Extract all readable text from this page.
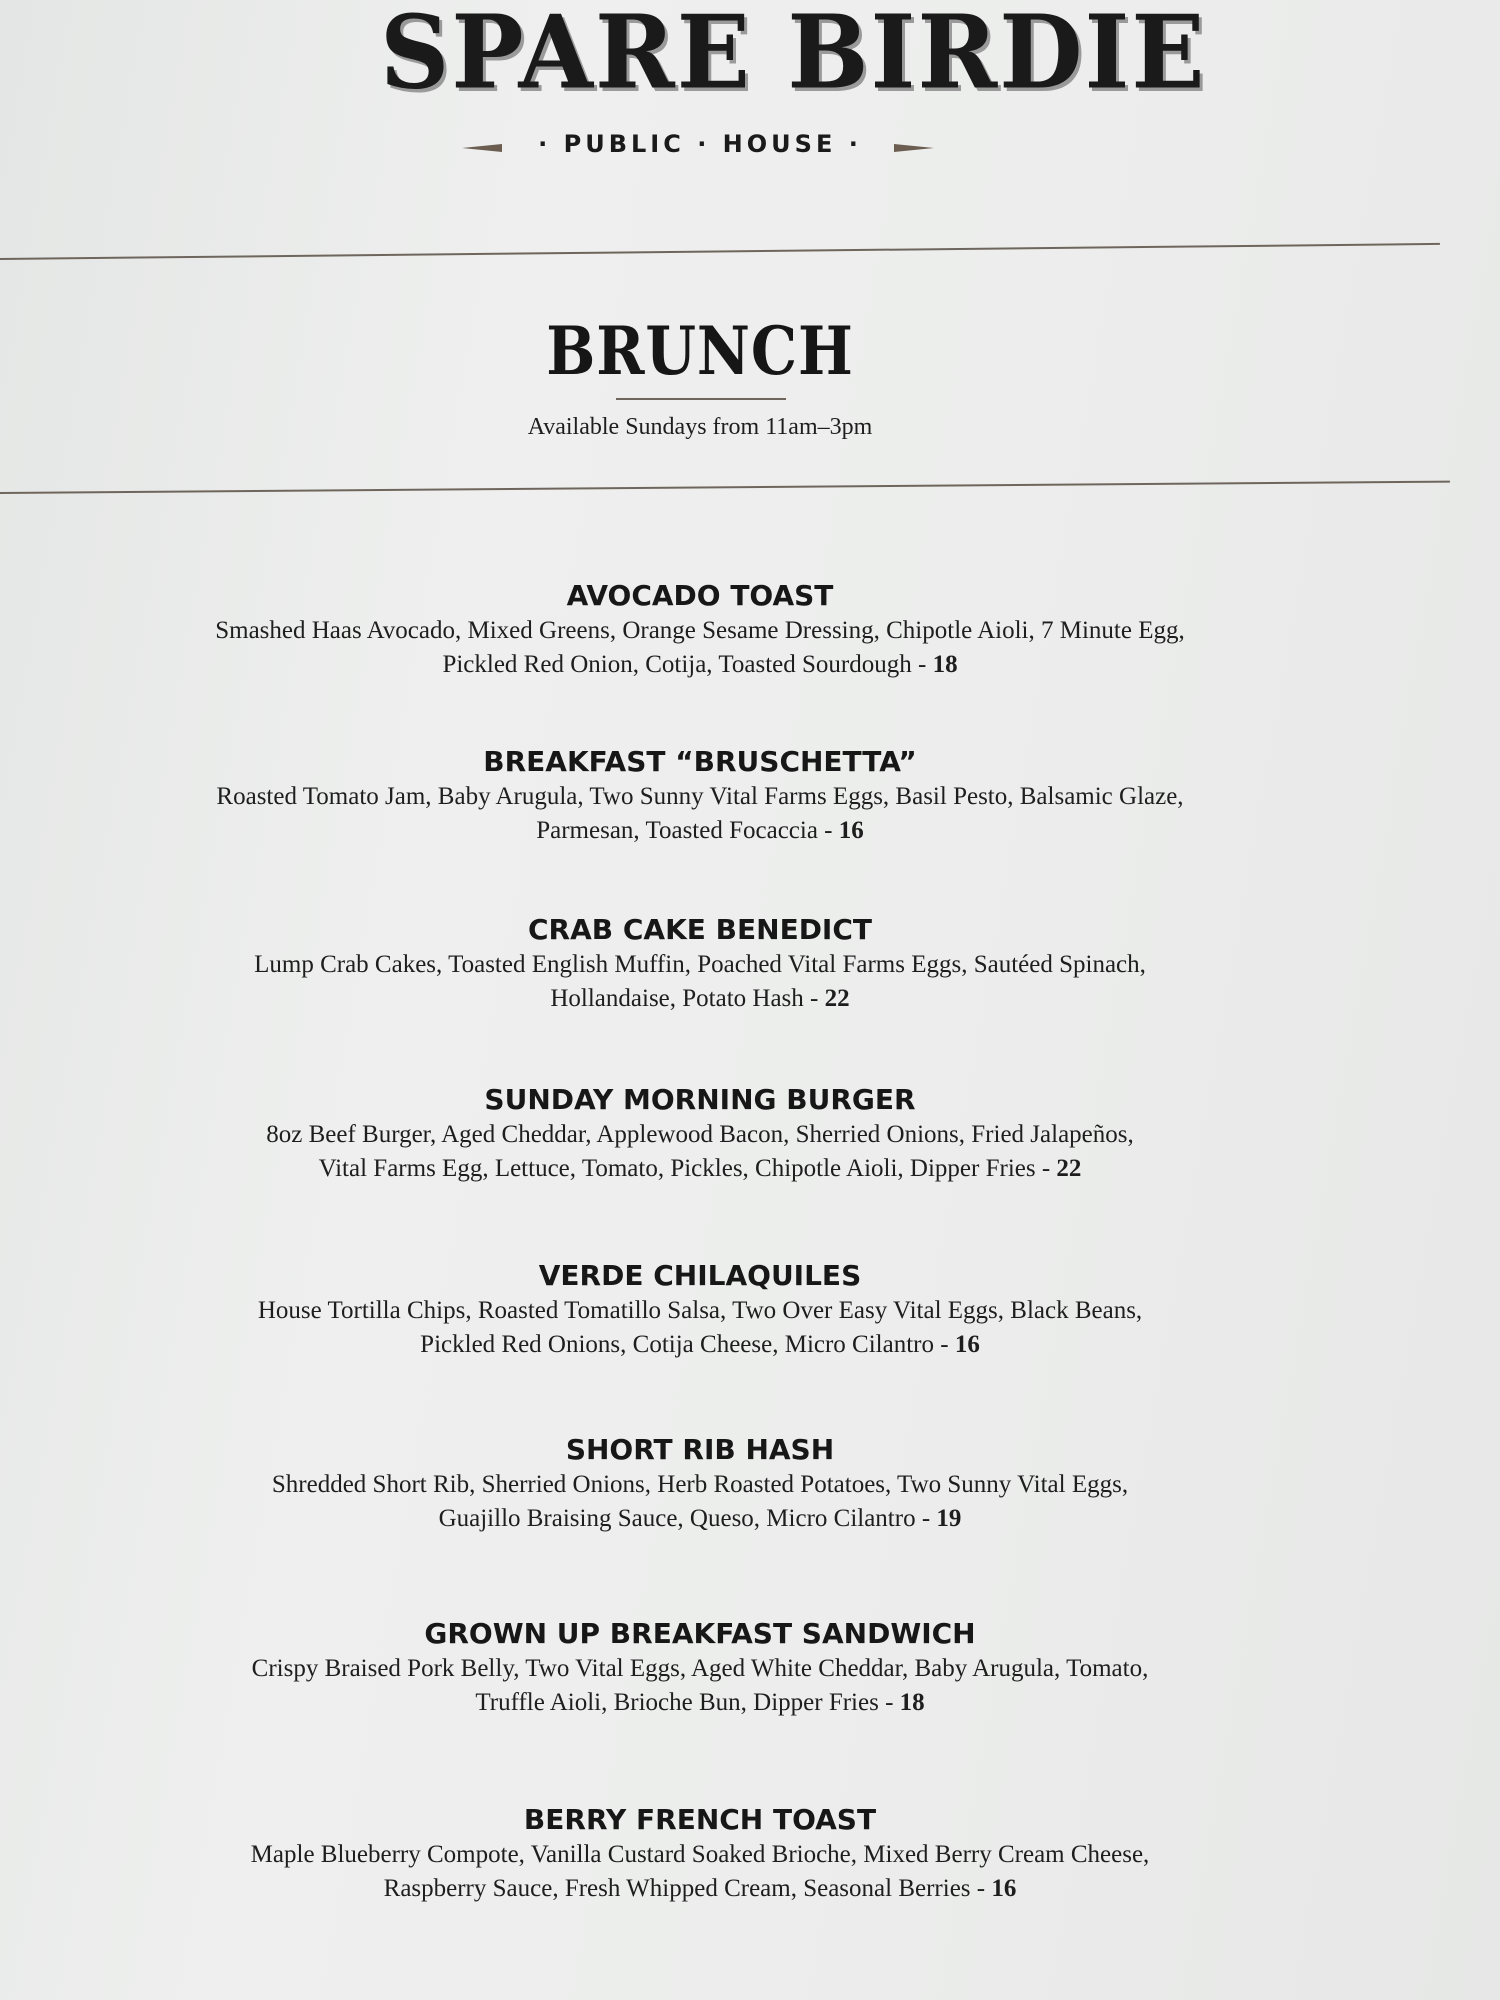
SPARE BIRDIE
· PUBLIC · HOUSE ·
BRUNCH
Available Sundays from 11am–3pm
AVOCADO TOAST
Smashed Haas Avocado, Mixed Greens, Orange Sesame Dressing, Chipotle Aioli, 7 Minute Egg,
Pickled Red Onion, Cotija, Toasted Sourdough - 18
BREAKFAST “BRUSCHETTA”
Roasted Tomato Jam, Baby Arugula, Two Sunny Vital Farms Eggs, Basil Pesto, Balsamic Glaze,
Parmesan, Toasted Focaccia - 16
CRAB CAKE BENEDICT
Lump Crab Cakes, Toasted English Muffin, Poached Vital Farms Eggs, Sautéed Spinach,
Hollandaise, Potato Hash - 22
SUNDAY MORNING BURGER
8oz Beef Burger, Aged Cheddar, Applewood Bacon, Sherried Onions, Fried Jalapeños,
Vital Farms Egg, Lettuce, Tomato, Pickles, Chipotle Aioli, Dipper Fries - 22
VERDE CHILAQUILES
House Tortilla Chips, Roasted Tomatillo Salsa, Two Over Easy Vital Eggs, Black Beans,
Pickled Red Onions, Cotija Cheese, Micro Cilantro - 16
SHORT RIB HASH
Shredded Short Rib, Sherried Onions, Herb Roasted Potatoes, Two Sunny Vital Eggs,
Guajillo Braising Sauce, Queso, Micro Cilantro - 19
GROWN UP BREAKFAST SANDWICH
Crispy Braised Pork Belly, Two Vital Eggs, Aged White Cheddar, Baby Arugula, Tomato,
Truffle Aioli, Brioche Bun, Dipper Fries - 18
BERRY FRENCH TOAST
Maple Blueberry Compote, Vanilla Custard Soaked Brioche, Mixed Berry Cream Cheese,
Raspberry Sauce, Fresh Whipped Cream, Seasonal Berries - 16
